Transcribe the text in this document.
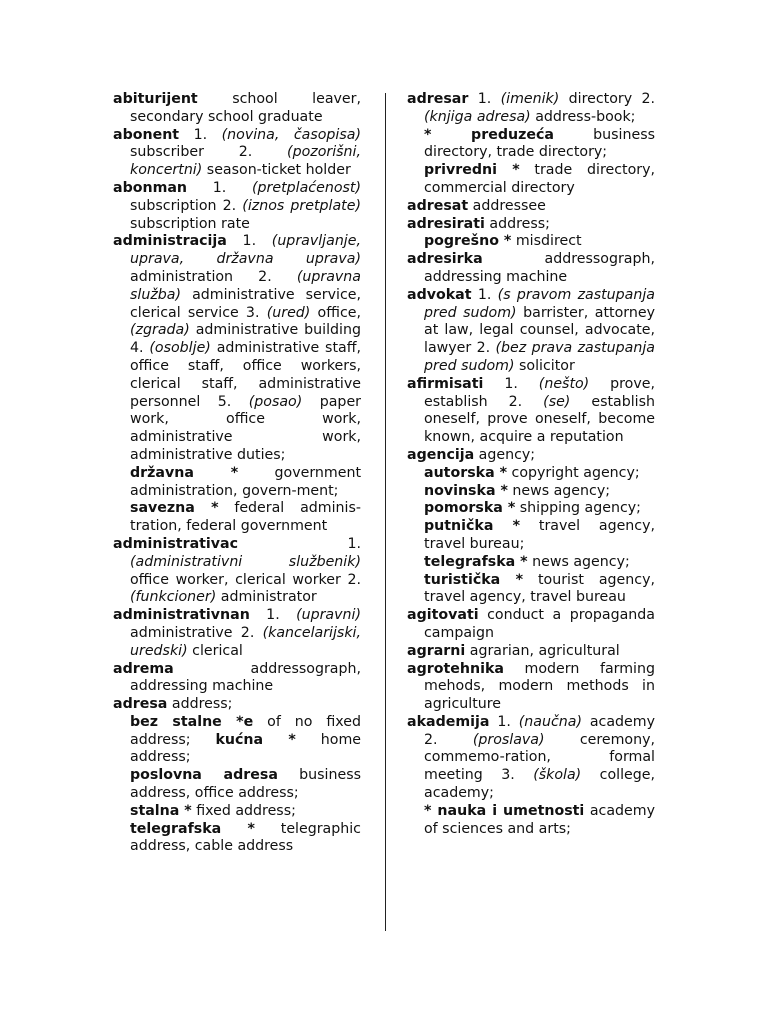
abiturijent school leaver, secondary school graduate
abonent 1. (novina, časopisa) subscriber 2. (pozorišni, koncertni) season-ticket holder
abonman 1. (pretplaćenost) subscription 2. (iznos pretplate) subscription rate
administracija 1. (upravljanje, uprava, državna uprava) administration 2. (upravna služba) administrative service, clerical service 3. (ured) office, (zgrada) administrative building 4. (osoblje) administrative staff, office staff, office workers, clerical staff, administrative personnel 5. (posao) paper work, office work, administrative work, administrative duties;
državna * government administration, govern-ment;
savezna * federal adminis-tration, federal government
administrativac 1. (administrativni službenik) office worker, clerical worker 2. (funkcioner) administrator
administrativnan 1. (upravni) administrative 2. (kancelarijski, uredski) clerical
adrema addressograph, addressing machine
adresa address;
bez stalne *e of no fixed address; kućna * home address;
poslovna adresa business address, office address;
stalna * fixed address;
telegrafska * telegraphic address, cable address
adresar 1. (imenik) directory 2. (knjiga adresa) address-book;
* preduzeća business directory, trade directory;
privredni * trade directory, commercial directory
adresat addressee
adresirati address;
pogrešno * misdirect
adresirka addressograph, addressing machine
advokat 1. (s pravom zastupanja pred sudom) barrister, attorney at law, legal counsel, advocate, lawyer 2. (bez prava zastupanja pred sudom) solicitor
afirmisati 1. (nešto) prove, establish 2. (se) establish oneself, prove oneself, become known, acquire a reputation
agencija agency;
autorska * copyright agency;
novinska * news agency;
pomorska * shipping agency;
putnička * travel agency, travel bureau;
telegrafska * news agency;
turistička * tourist agency, travel agency, travel bureau
agitovati conduct a propaganda campaign
agrarni agrarian, agricultural
agrotehnika modern farming mehods, modern methods in agriculture
akademija 1. (naučna) academy 2. (proslava) ceremony, commemo-ration, formal meeting 3. (škola) college, academy;
* nauka i umetnosti academy of sciences and arts;
